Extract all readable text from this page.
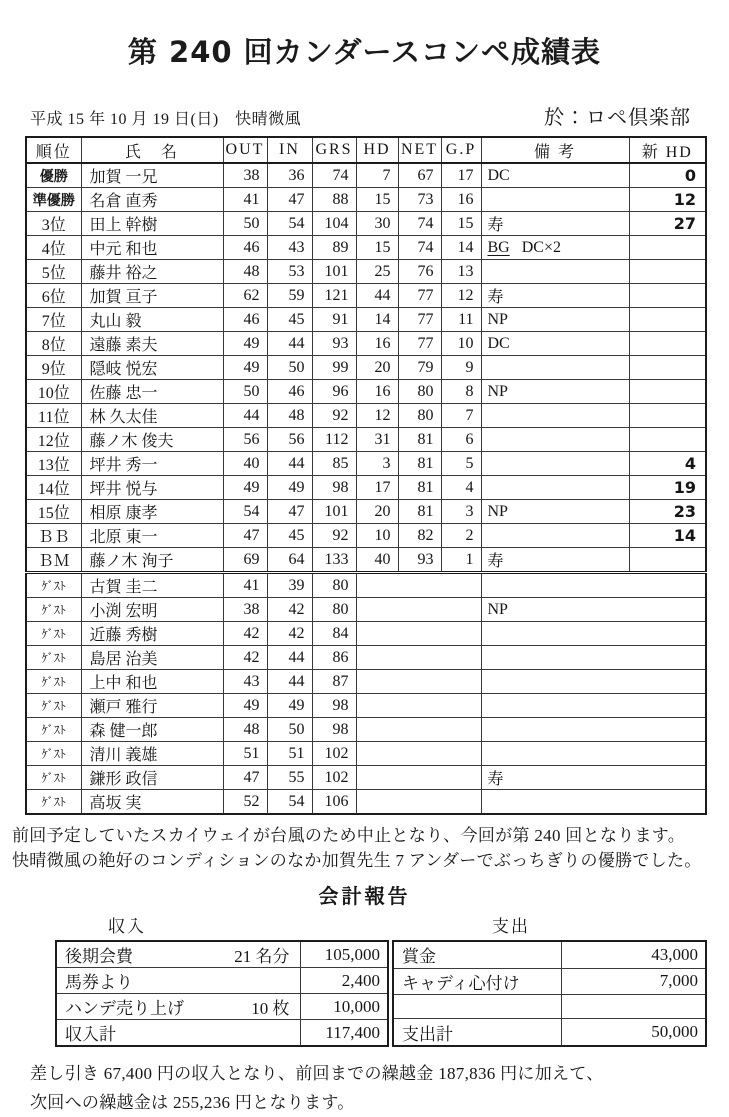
第 240 回カンダースコンペ成績表
平成 15 年 10 月 19 日(日)　快晴微風	於：ロペ倶楽部
順位	氏　名	OUT	IN	GRS	HD	NET	G.P	備 考	新 HD
優勝	加賀 一兄	38	36	74	7	67	17	DC	0
準優勝	名倉 直秀	41	47	88	15	73	16		12
3位	田上 幹樹	50	54	104	30	74	15	寿	27
4位	中元 和也	46	43	89	15	74	14	BG   DC×2	
5位	藤井 裕之	48	53	101	25	76	13		
6位	加賀 亘子	62	59	121	44	77	12	寿	
7位	丸山 毅	46	45	91	14	77	11	NP	
8位	遠藤 素夫	49	44	93	16	77	10	DC	
9位	隠岐 悦宏	49	50	99	20	79	9		
10位	佐藤 忠一	50	46	96	16	80	8	NP	
11位	林 久太佳	44	48	92	12	80	7		
12位	藤ノ木 俊夫	56	56	112	31	81	6		
13位	坪井 秀一	40	44	85	3	81	5		4
14位	坪井 悦与	49	49	98	17	81	4		19
15位	相原 康孝	54	47	101	20	81	3	NP	23
ＢＢ	北原 東一	47	45	92	10	82	2		14
ＢＭ	藤ノ木 洵子	69	64	133	40	93	1	寿	
ｹﾞｽﾄ	古賀 圭二	41	39	80					
ｹﾞｽﾄ	小渕 宏明	38	42	80				NP	
ｹﾞｽﾄ	近藤 秀樹	42	42	84					
ｹﾞｽﾄ	島居 治美	42	44	86					
ｹﾞｽﾄ	上中 和也	43	44	87					
ｹﾞｽﾄ	瀬戸 雅行	49	49	98					
ｹﾞｽﾄ	森 健一郎	48	50	98					
ｹﾞｽﾄ	清川 義雄	51	51	102					
ｹﾞｽﾄ	鎌形 政信	47	55	102				寿	
ｹﾞｽﾄ	高坂 実	52	54	106					
前回予定していたスカイウェイが台風のため中止となり、今回が第 240 回となります。
快晴微風の絶好のコンディションのなか加賀先生 7 アンダーでぶっちぎりの優勝でした。
会計報告
収入	支出
後期会費 21 名分	105,000

馬券より	2,400

ハンデ売り上げ 10 枚	10,000

収入計	117,400
賞金	43,000

キャディ心付け	7,000

支出計	50,000
差し引き 67,400 円の収入となり、前回までの繰越金 187,836 円に加えて、
次回への繰越金は 255,236 円となります。
